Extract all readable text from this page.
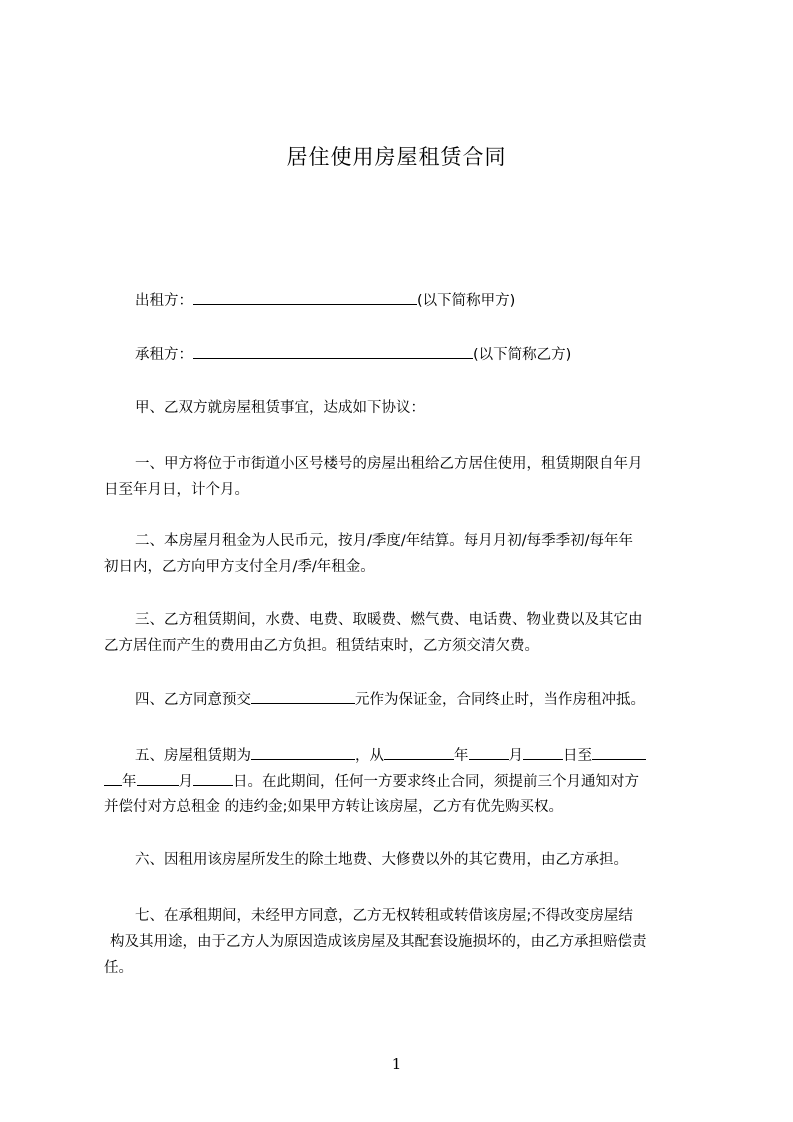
居住使用房屋租赁合同
出租方：	(以下简称甲方)
承租方：	(以下简称乙方)
甲、乙双方就房屋租赁事宜，达成如下协议：
一、甲方将位于市街道小区号楼号的房屋出租给乙方居住使用，租赁期限自年月
日至年月日，计个月。
二、本房屋月租金为人民币元，按月/季度/年结算。每月月初/每季季初/每年年
初日内，乙方向甲方支付全月/季/年租金。
三、乙方租赁期间，水费、电费、取暖费、燃气费、电话费、物业费以及其它由
乙方居住而产生的费用由乙方负担。租赁结束时，乙方须交清欠费。
四、乙方同意预交	元作为保证金，合同终止时，当作房租冲抵。
五、房屋租赁期为	，从	年	月	日至
年	月	日。在此期间，任何一方要求终止合同，须提前三个月通知对方
并偿付对方总租金 的违约金;如果甲方转让该房屋，乙方有优先购买权。
六、因租用该房屋所发生的除土地费、大修费以外的其它费用，由乙方承担。
七、在承租期间，未经甲方同意，乙方无权转租或转借该房屋;不得改变房屋结
构及其用途，由于乙方人为原因造成该房屋及其配套设施损坏的，由乙方承担赔偿责
任。
1
